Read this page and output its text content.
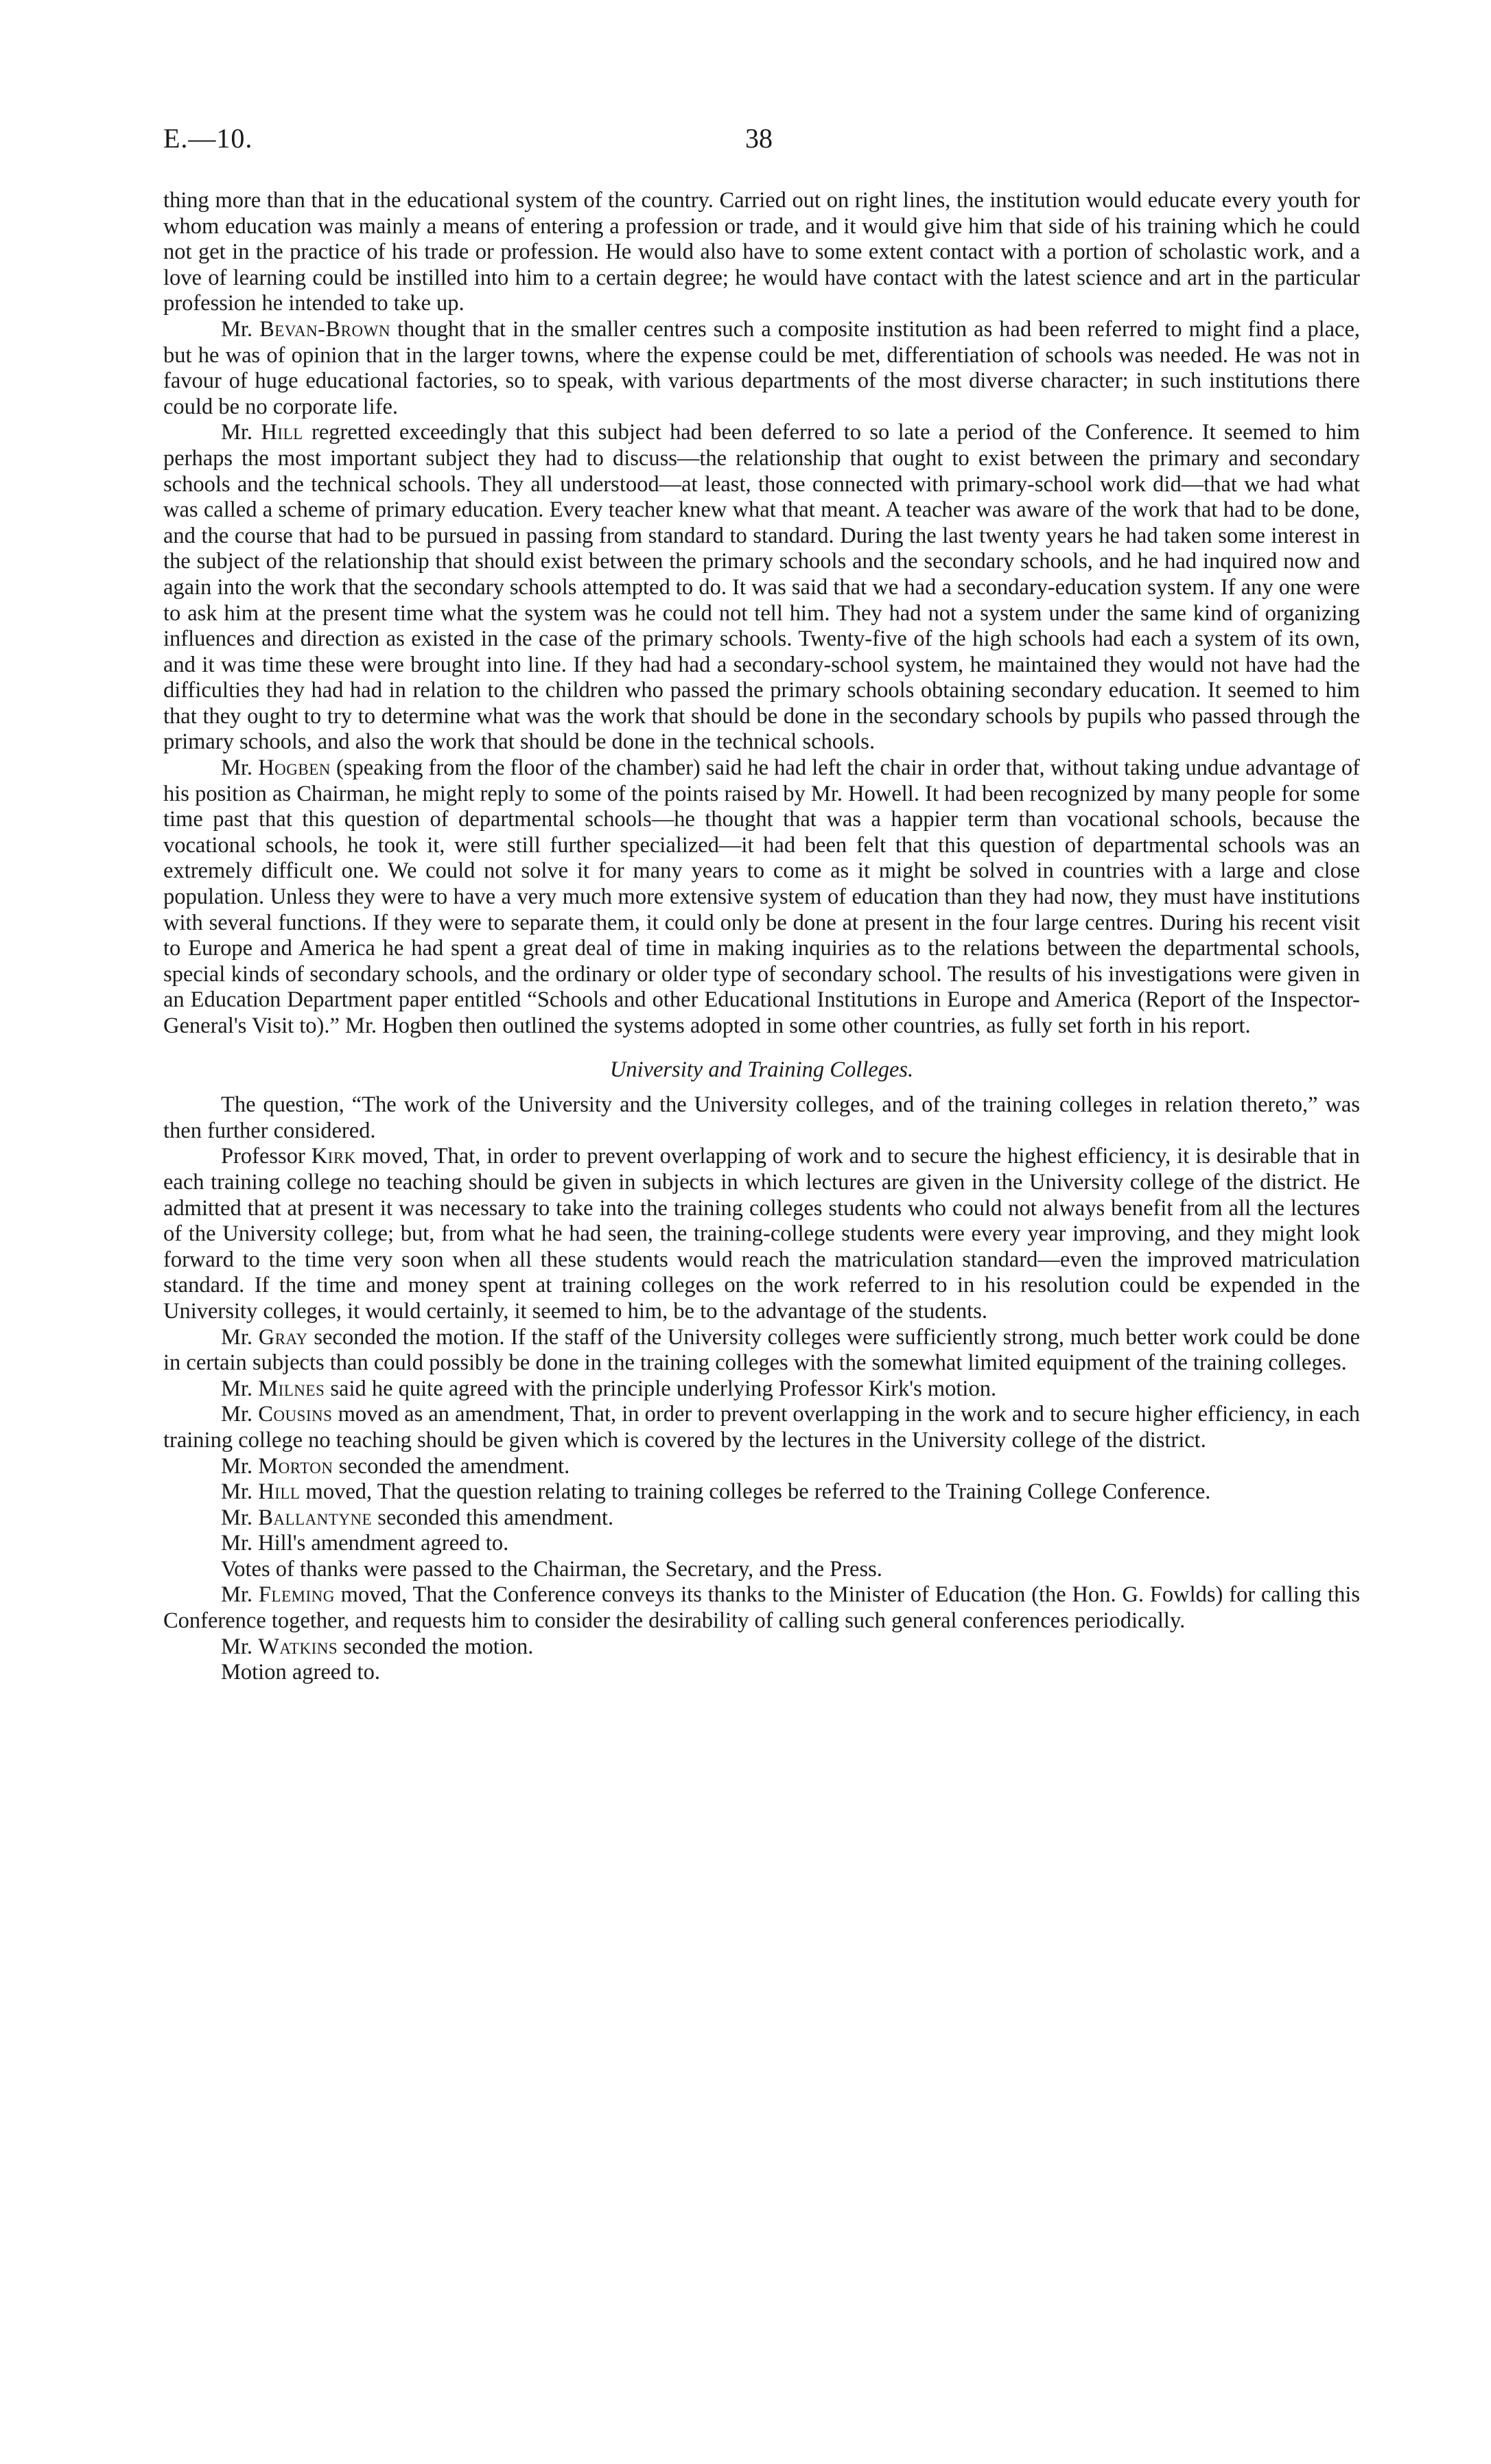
E.—10.	38

thing more than that in the educational system of the country. Carried out on right lines, the institution would educate every youth for whom education was mainly a means of entering a profession or trade, and it would give him that side of his training which he could not get in the practice of his trade or profession. He would also have to some extent contact with a portion of scholastic work, and a love of learning could be instilled into him to a certain degree; he would have contact with the latest science and art in the particular profession he intended to take up.

Mr. Bevan-Brown thought that in the smaller centres such a composite institution as had been referred to might find a place, but he was of opinion that in the larger towns, where the expense could be met, differentiation of schools was needed. He was not in favour of huge educational factories, so to speak, with various departments of the most diverse character; in such institutions there could be no corporate life.

Mr. Hill regretted exceedingly that this subject had been deferred to so late a period of the Conference. It seemed to him perhaps the most important subject they had to discuss—the relationship that ought to exist between the primary and secondary schools and the technical schools. They all understood—at least, those connected with primary-school work did—that we had what was called a scheme of primary education. Every teacher knew what that meant. A teacher was aware of the work that had to be done, and the course that had to be pursued in passing from standard to standard. During the last twenty years he had taken some interest in the subject of the relationship that should exist between the primary schools and the secondary schools, and he had inquired now and again into the work that the secondary schools attempted to do. It was said that we had a secondary-education system. If any one were to ask him at the present time what the system was he could not tell him. They had not a system under the same kind of organizing influences and direction as existed in the case of the primary schools. Twenty-five of the high schools had each a system of its own, and it was time these were brought into line. If they had had a secondary-school system, he maintained they would not have had the difficulties they had had in relation to the children who passed the primary schools obtaining secondary education. It seemed to him that they ought to try to determine what was the work that should be done in the secondary schools by pupils who passed through the primary schools, and also the work that should be done in the technical schools.

Mr. Hogben (speaking from the floor of the chamber) said he had left the chair in order that, without taking undue advantage of his position as Chairman, he might reply to some of the points raised by Mr. Howell. It had been recognized by many people for some time past that this question of departmental schools—he thought that was a happier term than vocational schools, because the vocational schools, he took it, were still further specialized—it had been felt that this question of departmental schools was an extremely difficult one. We could not solve it for many years to come as it might be solved in countries with a large and close population. Unless they were to have a very much more extensive system of education than they had now, they must have institutions with several functions. If they were to separate them, it could only be done at present in the four large centres. During his recent visit to Europe and America he had spent a great deal of time in making inquiries as to the relations between the departmental schools, special kinds of secondary schools, and the ordinary or older type of secondary school. The results of his investigations were given in an Education Department paper entitled “Schools and other Educational Institutions in Europe and America (Report of the Inspector-General's Visit to).” Mr. Hogben then outlined the systems adopted in some other countries, as fully set forth in his report.

University and Training Colleges.

The question, “The work of the University and the University colleges, and of the training colleges in relation thereto,” was then further considered.

Professor Kirk moved, That, in order to prevent overlapping of work and to secure the highest efficiency, it is desirable that in each training college no teaching should be given in subjects in which lectures are given in the University college of the district. He admitted that at present it was necessary to take into the training colleges students who could not always benefit from all the lectures of the University college; but, from what he had seen, the training-college students were every year improving, and they might look forward to the time very soon when all these students would reach the matriculation standard—even the improved matriculation standard. If the time and money spent at training colleges on the work referred to in his resolution could be expended in the University colleges, it would certainly, it seemed to him, be to the advantage of the students.

Mr. Gray seconded the motion. If the staff of the University colleges were sufficiently strong, much better work could be done in certain subjects than could possibly be done in the training colleges with the somewhat limited equipment of the training colleges.

Mr. Milnes said he quite agreed with the principle underlying Professor Kirk's motion.

Mr. Cousins moved as an amendment, That, in order to prevent overlapping in the work and to secure higher efficiency, in each training college no teaching should be given which is covered by the lectures in the University college of the district.

Mr. Morton seconded the amendment.

Mr. Hill moved, That the question relating to training colleges be referred to the Training College Conference.

Mr. Ballantyne seconded this amendment.

Mr. Hill's amendment agreed to.

Votes of thanks were passed to the Chairman, the Secretary, and the Press.

Mr. Fleming moved, That the Conference conveys its thanks to the Minister of Education (the Hon. G. Fowlds) for calling this Conference together, and requests him to consider the desirability of calling such general conferences periodically.

Mr. Watkins seconded the motion.

Motion agreed to.
